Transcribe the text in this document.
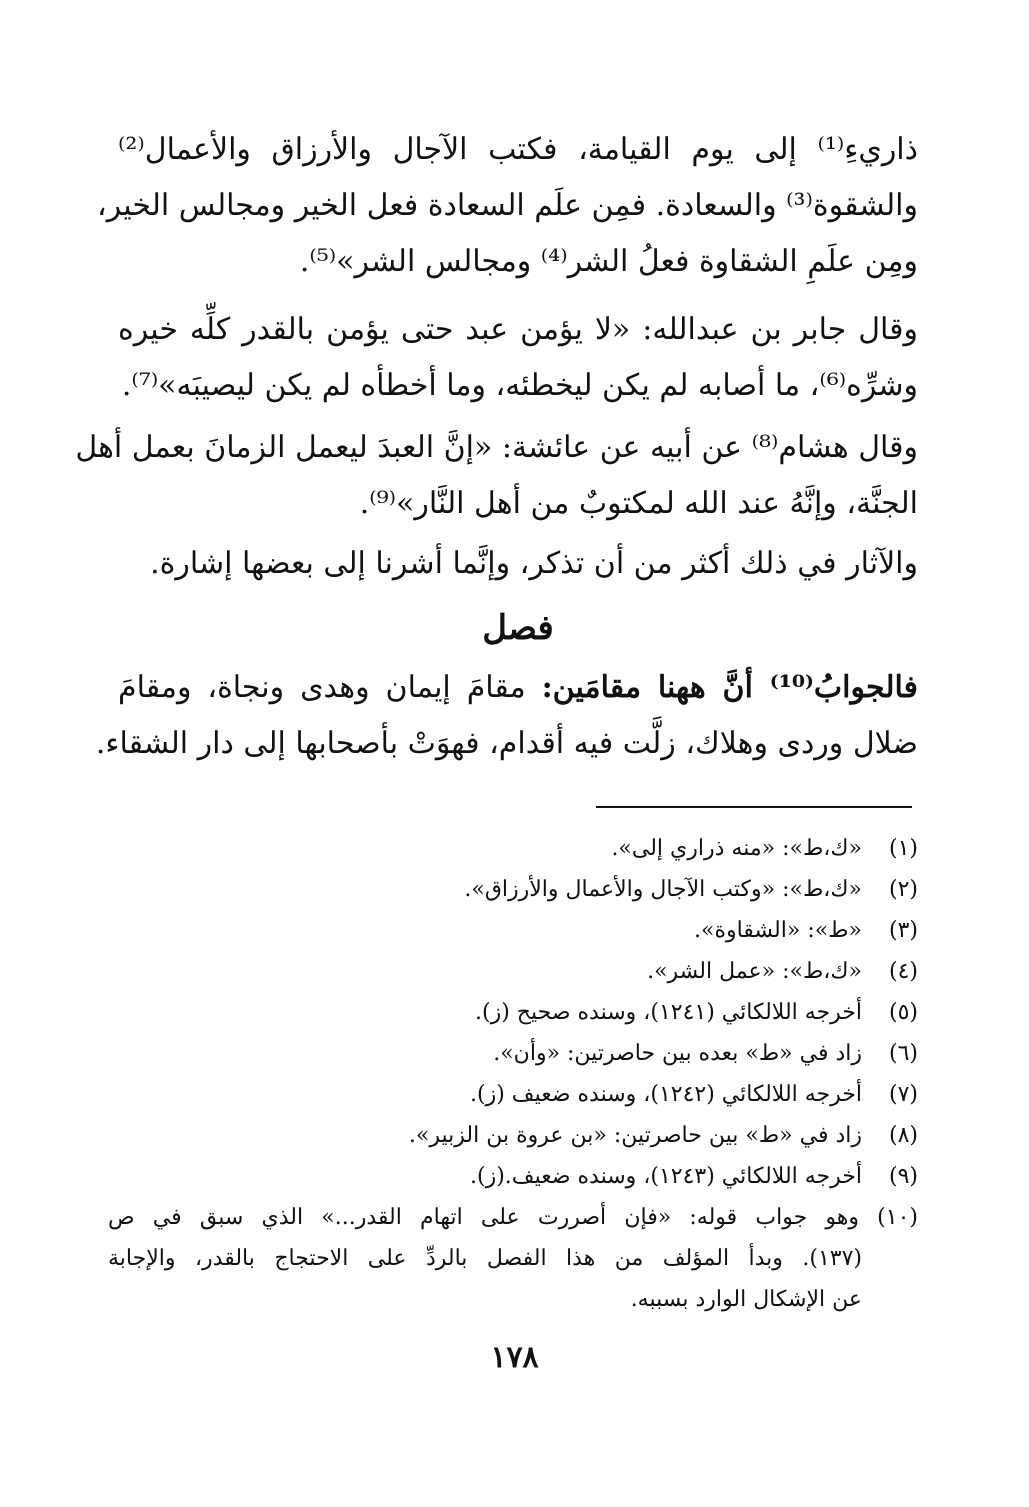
ذاريءِ⁽¹⁾ إلى يوم القيامة، فكتب الآجال والأرزاق والأعمال⁽²⁾
والشقوة⁽³⁾ والسعادة. فمِن علَم السعادة فعل الخير ومجالس الخير،
ومِن علَمِ الشقاوة فعلُ الشر⁽⁴⁾ ومجالس الشر»⁽⁵⁾.
وقال جابر بن عبدالله: «لا يؤمن عبد حتى يؤمن بالقدر كلِّه خيره
وشرِّه⁽⁶⁾، ما أصابه لم يكن ليخطئه، وما أخطأه لم يكن ليصيبَه»⁽⁷⁾.
وقال هشام⁽⁸⁾ عن أبيه عن عائشة: «إنَّ العبدَ ليعمل الزمانَ بعمل أهل
الجنَّة، وإنَّهُ عند الله لمكتوبٌ من أهل النَّار»⁽⁹⁾.
والآثار في ذلك أكثر من أن تذكر، وإنَّما أشرنا إلى بعضها إشارة.
فصل
فالجوابُ⁽¹⁰⁾ أنَّ ههنا مقامَين: مقامَ إيمان وهدى ونجاة، ومقامَ
ضلال وردى وهلاك، زلَّت فيه أقدام، فهوَتْ بأصحابها إلى دار الشقاء.
(١)
«ك،ط»: «منه ذراري إلى».
(٢)
«ك،ط»: «وكتب الآجال والأعمال والأرزاق».
(٣)
«ط»: «الشقاوة».
(٤)
«ك،ط»: «عمل الشر».
(٥)
أخرجه اللالكائي (١٢٤١)، وسنده صحيح (ز).
(٦)
زاد في «ط» بعده بين حاصرتين: «وأن».
(٧)
أخرجه اللالكائي (١٢٤٢)، وسنده ضعيف (ز).
(٨)
زاد في «ط» بين حاصرتين: «بن عروة بن الزبير».
(٩)
أخرجه اللالكائي (١٢٤٣)، وسنده ضعيف.(ز).
(١٠) وهو جواب قوله: «فإن أصررت على اتهام القدر...» الذي سبق في ص
(١٣٧). وبدأ المؤلف من هذا الفصل بالردِّ على الاحتجاج بالقدر، والإجابة
عن الإشكال الوارد بسببه.
١٧٨
